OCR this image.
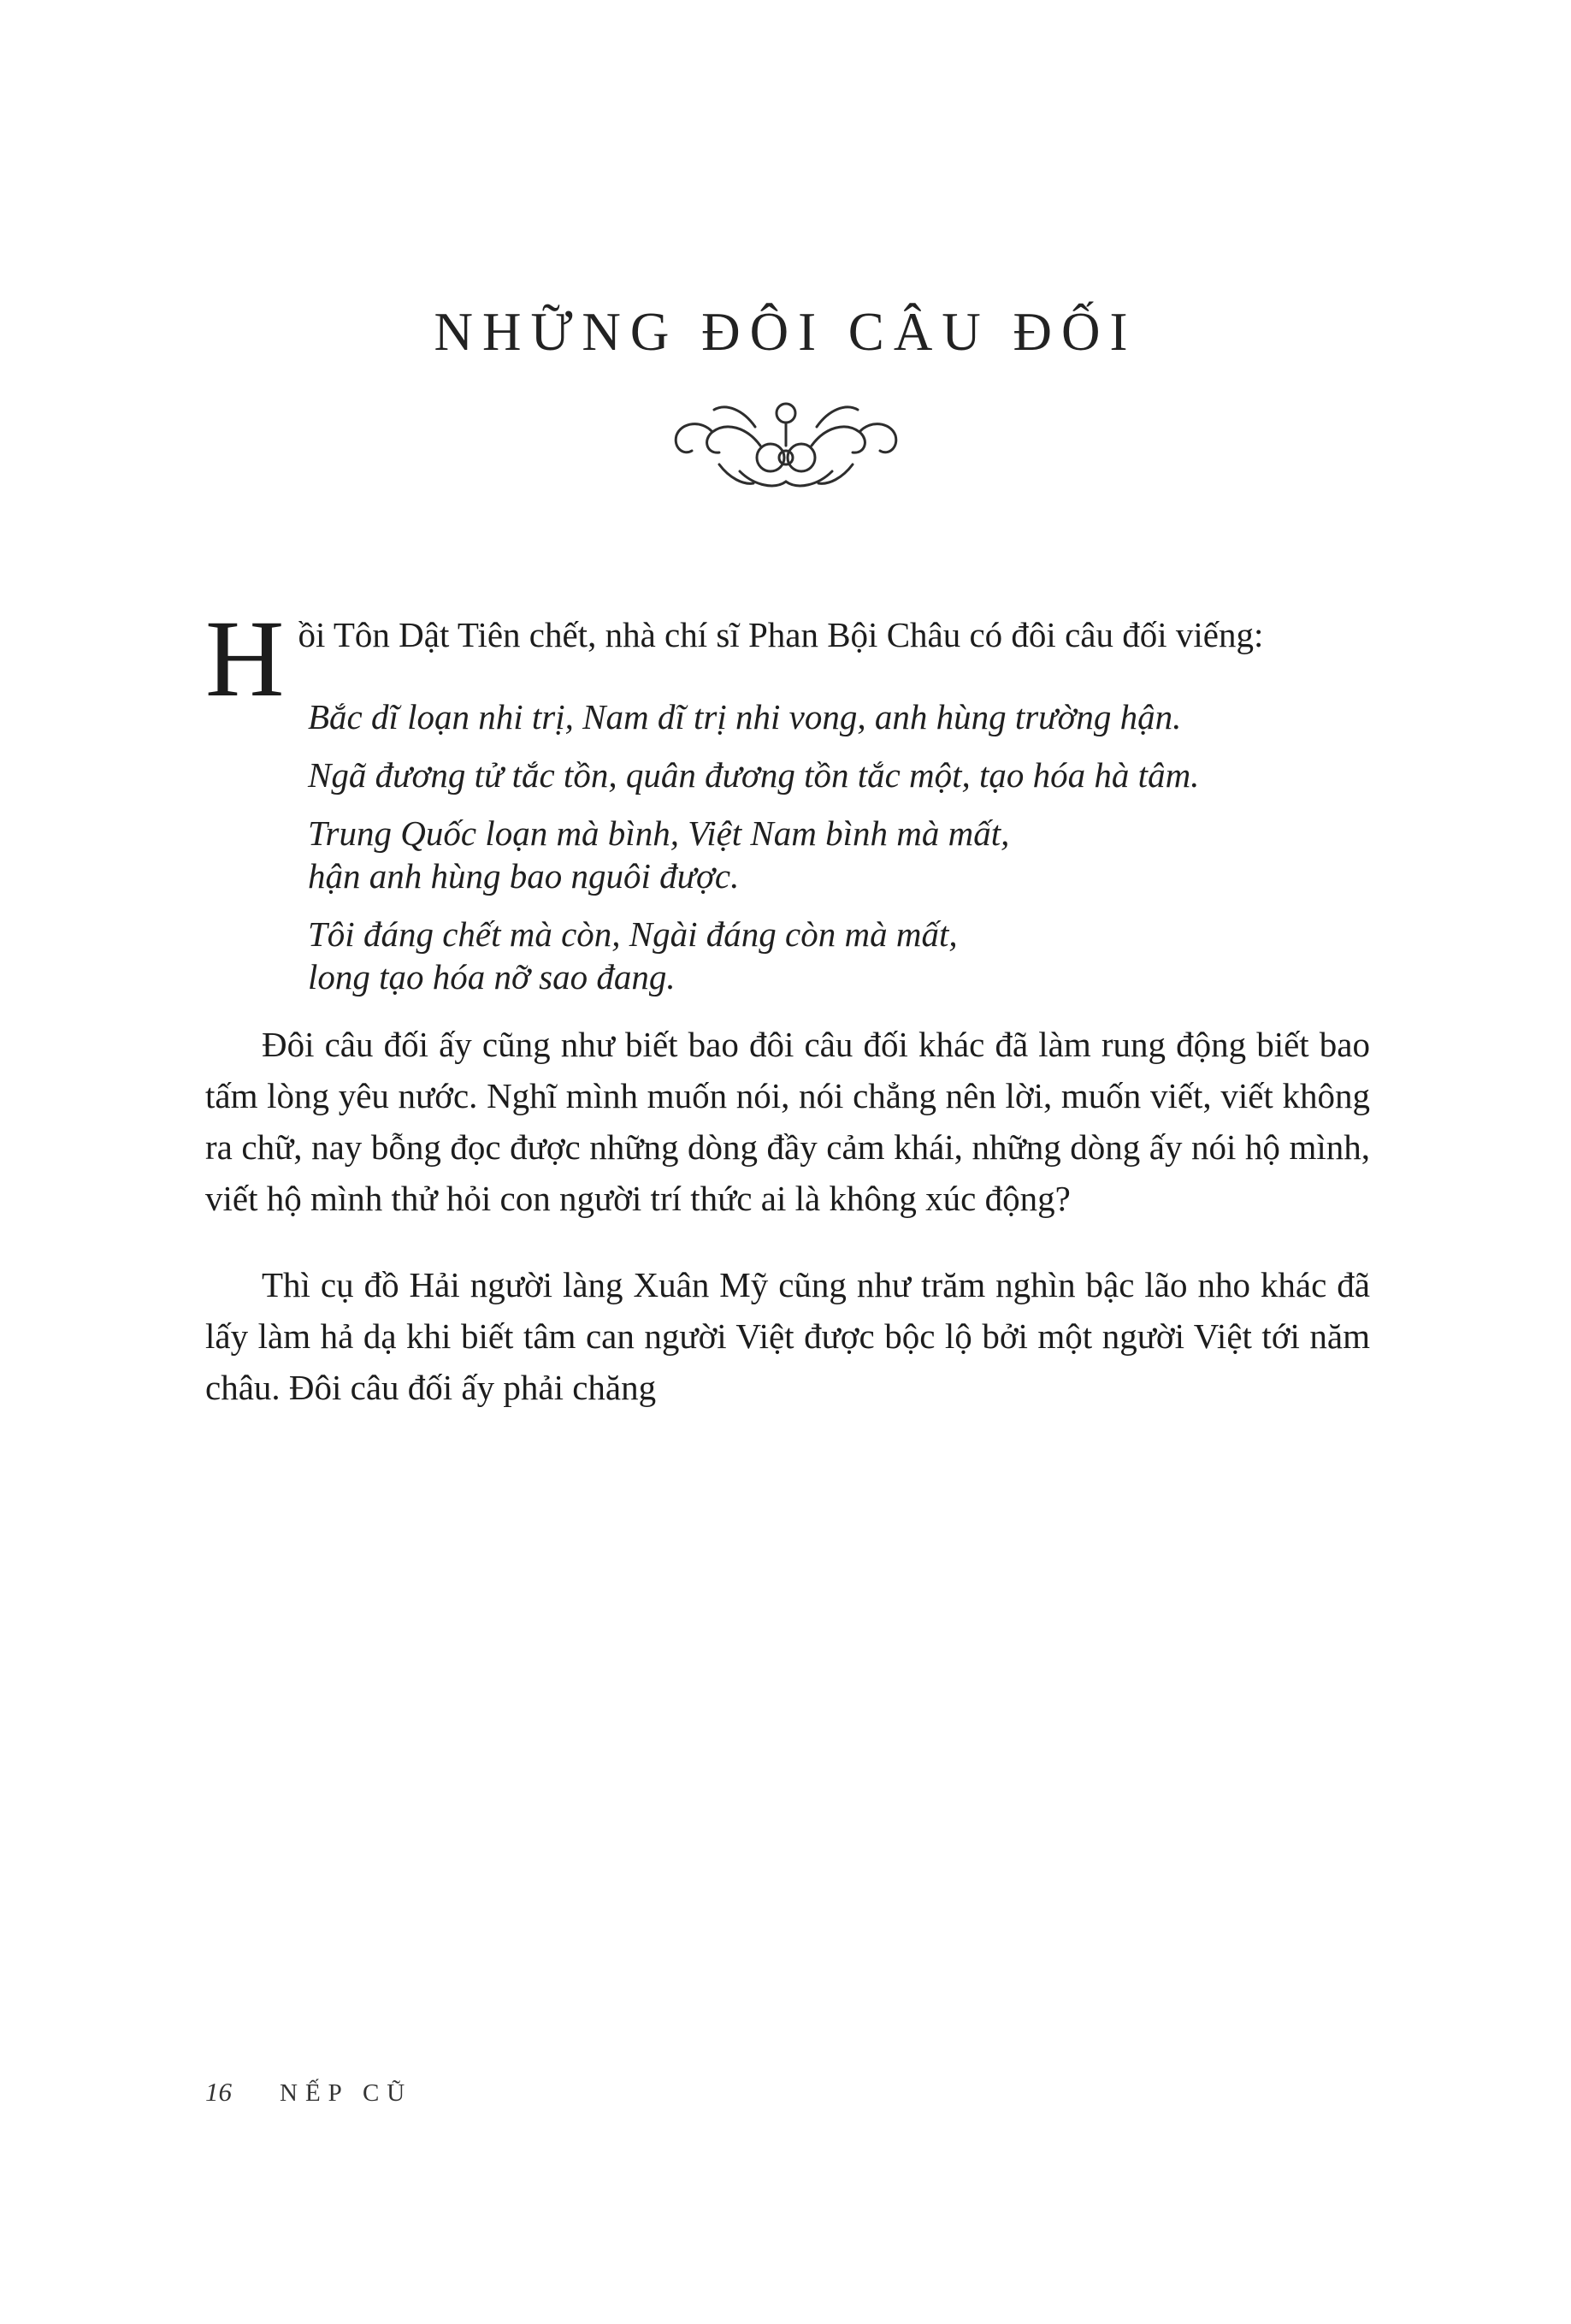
NHỮNG ĐÔI CÂU ĐỐI

Hồi Tôn Dật Tiên chết, nhà chí sĩ Phan Bội Châu có đôi câu đối viếng:

Bắc dĩ loạn nhi trị, Nam dĩ trị nhi vong, anh hùng trường hận.
Ngã đương tử tắc tồn, quân đương tồn tắc một, tạo hóa hà tâm.
Trung Quốc loạn mà bình, Việt Nam bình mà mất,
hận anh hùng bao nguôi được.
Tôi đáng chết mà còn, Ngài đáng còn mà mất,
long tạo hóa nỡ sao đang.

Đôi câu đối ấy cũng như biết bao đôi câu đối khác đã làm rung động biết bao tấm lòng yêu nước. Nghĩ mình muốn nói, nói chẳng nên lời, muốn viết, viết không ra chữ, nay bỗng đọc được những dòng đầy cảm khái, những dòng ấy nói hộ mình, viết hộ mình thử hỏi con người trí thức ai là không xúc động?

Thì cụ đồ Hải người làng Xuân Mỹ cũng như trăm nghìn bậc lão nho khác đã lấy làm hả dạ khi biết tâm can người Việt được bộc lộ bởi một người Việt tới năm châu. Đôi câu đối ấy phải chăng

16 NẾP CŨ
